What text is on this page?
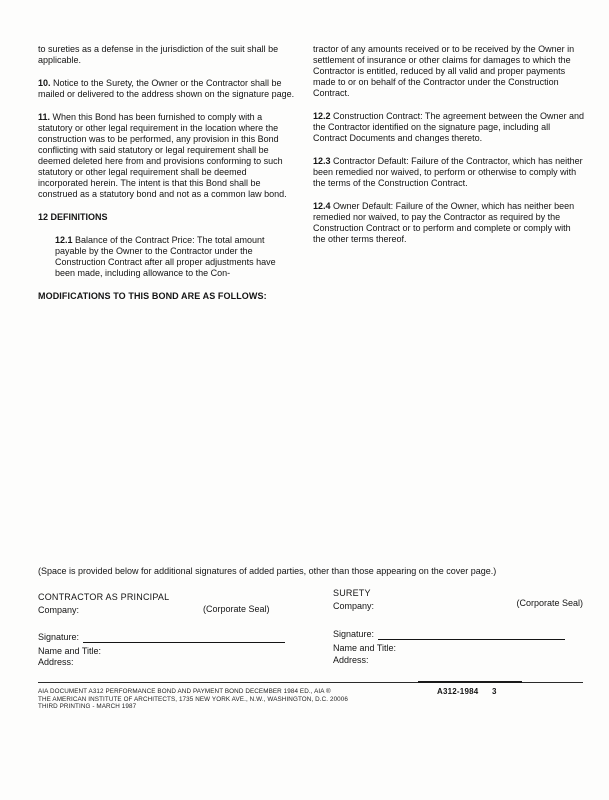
to sureties as a defense in the jurisdiction of the suit shall be applicable.

10. Notice to the Surety, the Owner or the Contractor shall be mailed or delivered to the address shown on the signature page.

11. When this Bond has been furnished to comply with a statutory or other legal requirement in the location where the construction was to be performed, any provision in this Bond conflicting with said statutory or legal requirement shall be deemed deleted here from and provisions conforming to such statutory or other legal requirement shall be deemed incorporated herein. The intent is that this Bond shall be construed as a statutory bond and not as a common law bond.

12 DEFINITIONS

12.1 Balance of the Contract Price: The total amount payable by the Owner to the Contractor under the Construction Contract after all proper adjustments have been made, including allowance to the Con-

MODIFICATIONS TO THIS BOND ARE AS FOLLOWS:

tractor of any amounts received or to be received by the Owner in settlement of insurance or other claims for damages to which the Contractor is entitled, reduced by all valid and proper payments made to or on behalf of the Contractor under the Construction Contract.

12.2 Construction Contract: The agreement between the Owner and the Contractor identified on the signature page, including all Contract Documents and changes thereto.

12.3 Contractor Default: Failure of the Contractor, which has neither been remedied nor waived, to perform or otherwise to comply with the terms of the Construction Contract.

12.4 Owner Default: Failure of the Owner, which has neither been remedied nor waived, to pay the Contractor as required by the Construction Contract or to perform and complete or comply with the other terms thereof.

(Space is provided below for additional signatures of added parties, other than those appearing on the cover page.)
CONTRACTOR AS PRINCIPAL
Company:	(Corporate Seal)
Signature:
Name and Title:
Address:
SURETY
Company:	(Corporate Seal)
Signature:
Name and Title:
Address:
AIA DOCUMENT A312 PERFORMANCE BOND AND PAYMENT BOND DECEMBER 1984 ED., AIA ®
THE AMERICAN INSTITUTE OF ARCHITECTS, 1735 NEW YORK AVE., N.W., WASHINGTON, D.C. 20006
THIRD PRINTING - MARCH 1987
A312-1984 3
